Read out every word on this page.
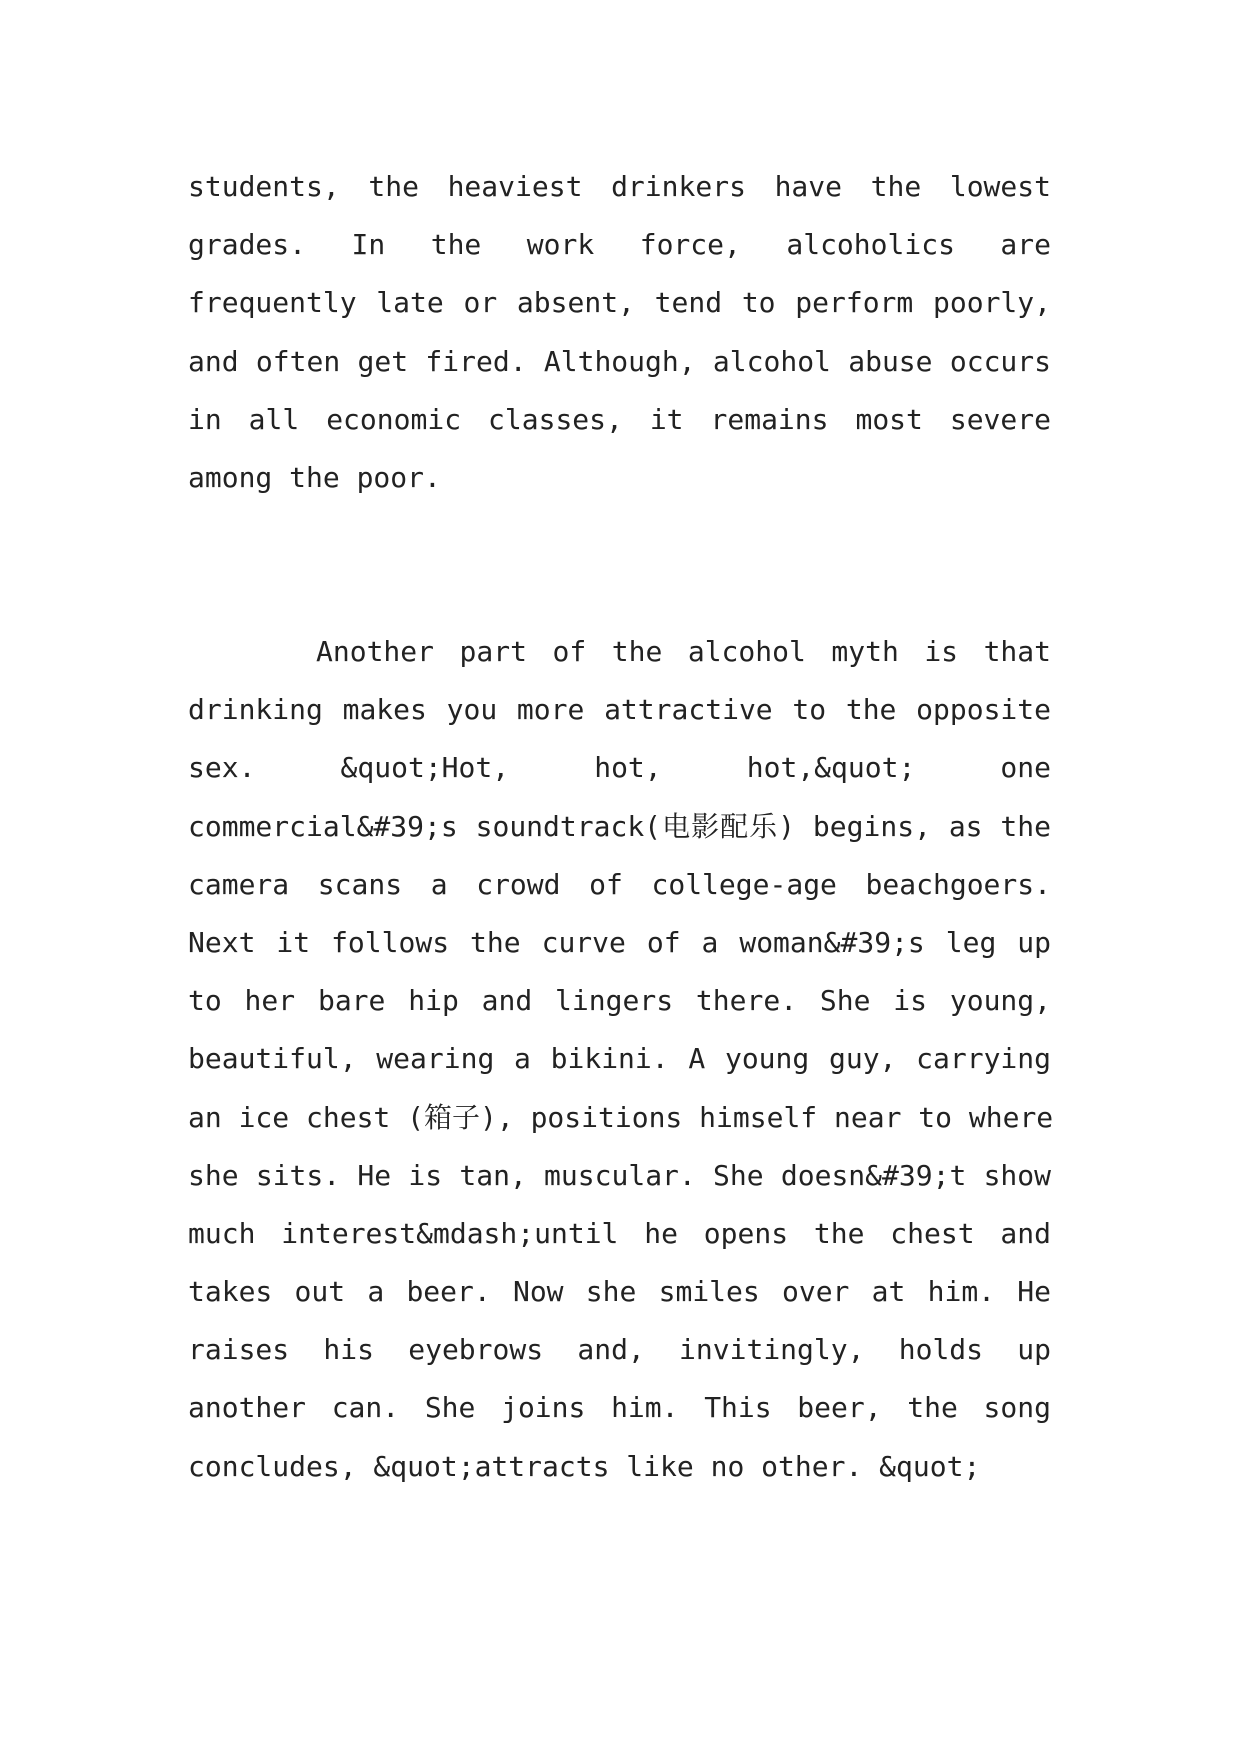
students, the heaviest drinkers have the lowest
grades. In the work force, alcoholics are
frequently late or absent, tend to perform poorly,
and often get fired. Although, alcohol abuse occurs
in all economic classes, it remains most severe
among the poor.
Another part of the alcohol myth is that
drinking makes you more attractive to the opposite
sex. &quot;Hot, hot, hot,&quot; one
commercial&#39;s soundtrack(电影配乐) begins, as the
camera scans a crowd of college-age beachgoers.
Next it follows the curve of a woman&#39;s leg up
to her bare hip and lingers there. She is young,
beautiful, wearing a bikini. A young guy, carrying
an ice chest (箱子), positions himself near to where
she sits. He is tan, muscular. She doesn&#39;t show
much interest&mdash;until he opens the chest and
takes out a beer. Now she smiles over at him. He
raises his eyebrows and, invitingly, holds up
another can. She joins him. This beer, the song
concludes, &quot;attracts like no other. &quot;
